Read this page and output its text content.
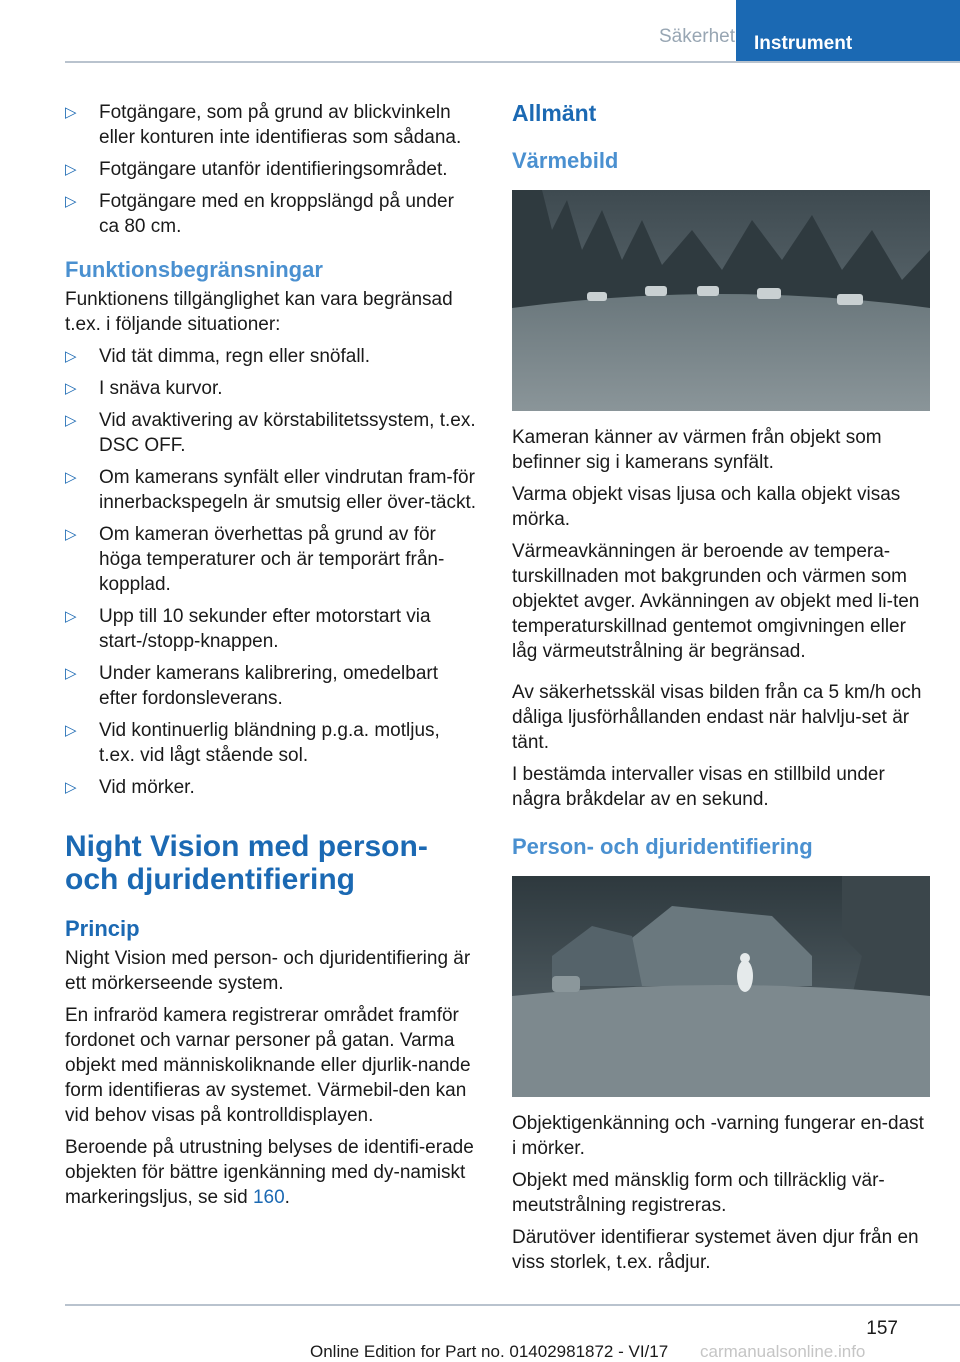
Säkerhet Instrument
▷ Fotgängare, som på grund av blickvinkeln eller konturen inte identifieras som sådana.
▷ Fotgängare utanför identifieringsområdet.
▷ Fotgängare med en kroppslängd på under ca 80 cm.
Funktionsbegränsningar

Funktionens tillgänglighet kan vara begränsad t.ex. i följande situationer:

▷ Vid tät dimma, regn eller snöfall.
▷ I snäva kurvor.
▷ Vid avaktivering av körstabilitetssystem, t.ex. DSC OFF.
▷ Om kamerans synfält eller vindrutan fram-för innerbackspegeln är smutsig eller över-täckt.
▷ Om kameran överhettas på grund av för höga temperaturer och är temporärt från-kopplad.
▷ Upp till 10 sekunder efter motorstart via start-/stopp-knappen.
▷ Under kamerans kalibrering, omedelbart efter fordonsleverans.
▷ Vid kontinuerlig bländning p.g.a. motljus, t.ex. vid lågt stående sol.
▷ Vid mörker.
Night Vision med person- och djuridentifiering
Princip

Night Vision med person- och djuridentifiering är ett mörkerseende system.

En infraröd kamera registrerar området framför fordonet och varnar personer på gatan. Varma objekt med människoliknande eller djurlik-nande form identifieras av systemet. Värmebil-den kan vid behov visas på kontrolldisplayen.

Beroende på utrustning belyses de identifi-erade objekten för bättre igenkänning med dy-namiskt markeringsljus, se sid 160.

Allmänt
Värmebild

Kameran känner av värmen från objekt som befinner sig i kamerans synfält.

Varma objekt visas ljusa och kalla objekt visas mörka.

Värmeavkänningen är beroende av tempera-turskillnaden mot bakgrunden och värmen som objektet avger. Avkänningen av objekt med li-ten temperaturskillnad gentemot omgivningen eller låg värmeutstrålning är begränsad.

Av säkerhetsskäl visas bilden från ca 5 km/h och dåliga ljusförhållanden endast när halvlju-set är tänt.

I bestämda intervaller visas en stillbild under några bråkdelar av en sekund.

Person- och djuridentifiering

Objektigenkänning och -varning fungerar en-dast i mörker.

Objekt med mänsklig form och tillräcklig vär-meutstrålning registreras.

Därutöver identifierar systemet även djur från en viss storlek, t.ex. rådjur.

157
Online Edition for Part no. 01402981872 - VI/17 carmanualsonline.info
